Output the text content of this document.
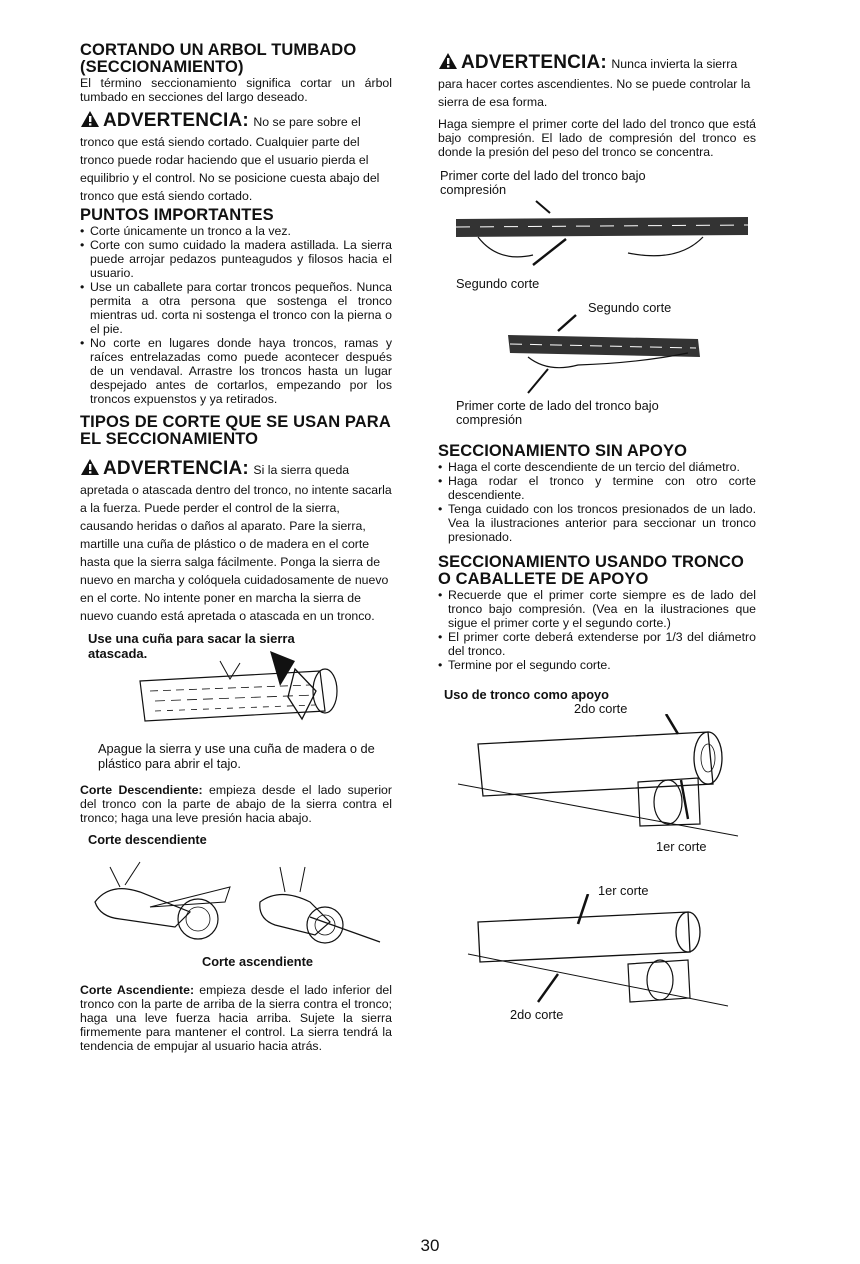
CORTANDO UN ARBOL TUMBADO (SECCIONAMIENTO)

El término seccionamiento significa cortar un árbol tumbado en secciones del largo deseado.

ADVERTENCIA: No se pare sobre el tronco que está siendo cortado. Cualquier parte del tronco puede rodar haciendo que el usuario pierda el equilibrio y el control. No se posicione cuesta abajo del tronco que está siendo cortado.
PUNTOS IMPORTANTES
• Corte únicamente un tronco a la vez.
• Corte con sumo cuidado la madera astillada. La sierra puede arrojar pedazos punteagudos y filosos hacia el usuario.
• Use un caballete para cortar troncos pequeños. Nunca permita a otra persona que sostenga el tronco mientras ud. corta ni sostenga el tronco con la pierna o el pie.
• No corte en lugares donde haya troncos, ramas y raíces entrelazadas como puede acontecer después de un vendaval. Arrastre los troncos hasta un lugar despejado antes de cortarlos, empezando por los troncos expuenstos y ya retirados.
TIPOS DE CORTE QUE SE USAN PARA EL SECCIONAMIENTO
ADVERTENCIA: Si la sierra queda apretada o atascada dentro del tronco, no intente sacarla a la fuerza. Puede perder el control de la sierra, causando heridas o daños al aparato. Pare la sierra, martille una cuña de plástico o de madera en el corte hasta que la sierra salga fácilmente. Ponga la sierra de nuevo en marcha y colóquela cuidadosamente de nuevo en el corte. No intente poner en marcha la sierra de nuevo cuando está apretada o atascada en un tronco.
Use una cuña para sacar la sierra atascada.

Apague la sierra y use una cuña de madera o de plástico para abrir el tajo.

Corte Descendiente: empieza desde el lado superior del tronco con la parte de abajo de la sierra contra el tronco; haga una leve presión hacia abajo.

Corte descendiente
Corte ascendiente

Corte Ascendiente: empieza desde el lado inferior del tronco con la parte de arriba de la sierra contra el tronco; haga una leve fuerza hacia arriba. Sujete la sierra firmemente para mantener el control. La sierra tendrá la tendencia de empujar al usuario hacia atrás.

ADVERTENCIA: Nunca invierta la sierra para hacer cortes ascendientes. No se puede controlar la sierra de esa forma.

Haga siempre el primer corte del lado del tronco que está bajo compresión. El lado de compresión del tronco es donde la presión del peso del tronco se concentra.

Primer corte del lado del tronco bajo compresión
Segundo corte
Segundo corte
Primer corte de lado del tronco bajo compresión
SECCIONAMIENTO SIN APOYO
• Haga el corte descendiente de un tercio del diámetro.
• Haga rodar el tronco y termine con otro corte descendiente.
• Tenga cuidado con los troncos presionados de un lado. Vea la ilustraciones anterior para seccionar un tronco presionado.
SECCIONAMIENTO USANDO TRONCO O CABALLETE DE APOYO
• Recuerde que el primer corte siempre es de lado del tronco bajo compresión. (Vea en la ilustraciones que sigue el primer corte y el segundo corte.)
• El primer corte deberá extenderse por 1/3 del diámetro del tronco.
• Termine por el segundo corte.
Uso de tronco como apoyo
2do corte
1er corte
1er corte
2do corte
30
